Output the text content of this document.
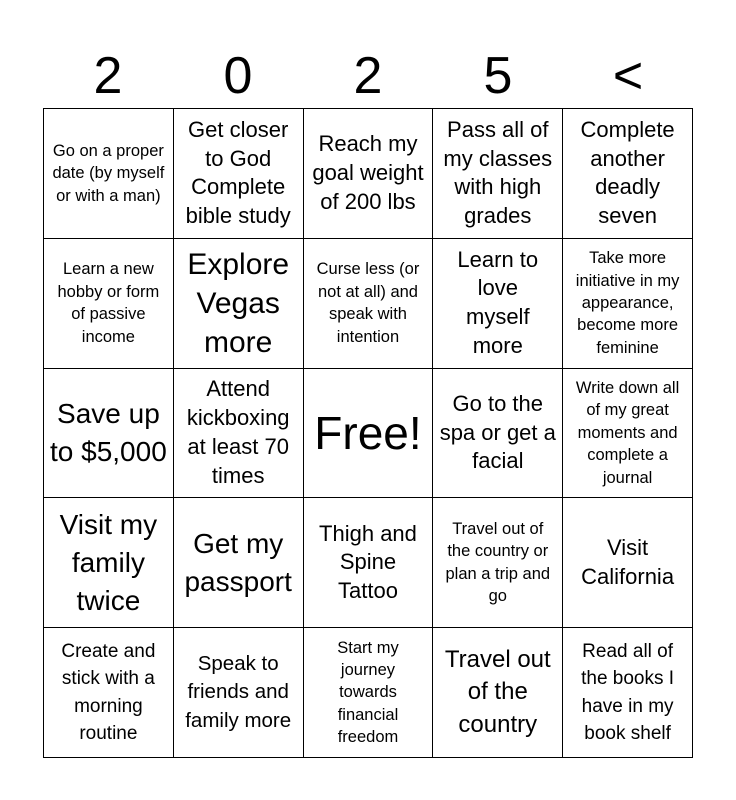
2	0	2	5	<
Go on a proper date (by myself or with a man)
Get closer to God Complete bible study
Reach my goal weight of 200 lbs
Pass all of my classes with high grades
Complete another deadly seven
Learn a new hobby or form of passive income
Explore Vegas more
Curse less (or not at all) and speak with intention
Learn to love myself more
Take more initiative in my appearance, become more feminine
Save up to $5,000
Attend kickboxing at least 70 times
Free!
Go to the spa or get a facial
Write down all of my great moments and complete a journal
Visit my family twice
Get my passport
Thigh and Spine Tattoo
Travel out of the country or plan a trip and go
Visit California
Create and stick with a morning routine
Speak to friends and family more
Start my journey towards financial freedom
Travel out of the country
Read all of the books I have in my book shelf
